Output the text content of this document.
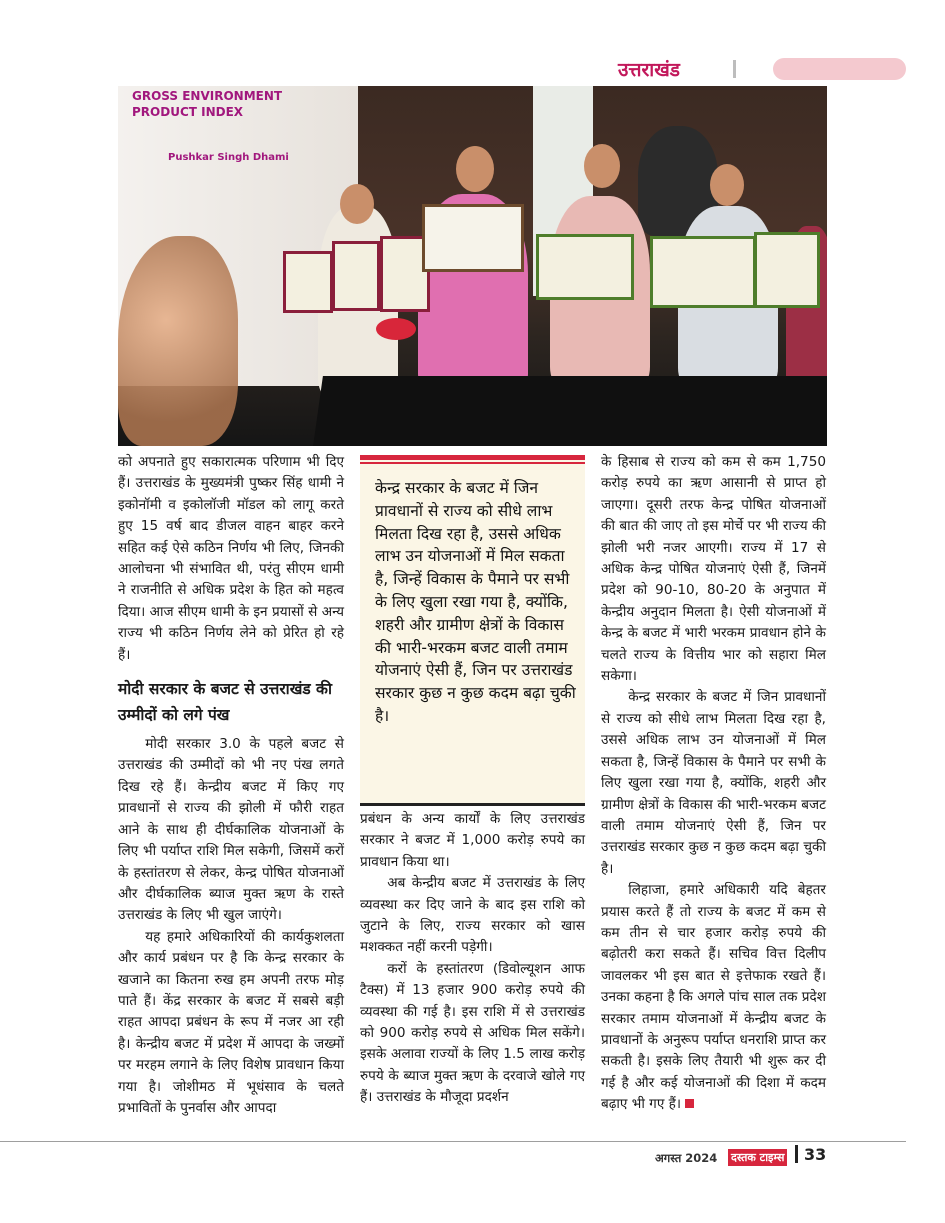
उत्तराखंड
GROSS ENVIRONMENT PRODUCT INDEX
Pushkar Singh Dhami

को अपनाते हुए सकारात्मक परिणाम भी दिए हैं। उत्तराखंड के मुख्यमंत्री पुष्कर सिंह धामी ने इकोनॉमी व इकोलॉजी मॉडल को लागू करते हुए 15 वर्ष बाद डीजल वाहन बाहर करने सहित कई ऐसे कठिन निर्णय भी लिए, जिनकी आलोचना भी संभावित थी, परंतु सीएम धामी ने राजनीति से अधिक प्रदेश के हित को महत्व दिया। आज सीएम धामी के इन प्रयासों से अन्य राज्य भी कठिन निर्णय लेने को प्रेरित हो रहे हैं।

मोदी सरकार के बजट से उत्तराखंड की उम्मीदों को लगे पंख

मोदी सरकार 3.0 के पहले बजट से उत्तराखंड की उम्मीदों को भी नए पंख लगते दिख रहे हैं। केन्द्रीय बजट में किए गए प्रावधानों से राज्य की झोली में फौरी राहत आने के साथ ही दीर्घकालिक योजनाओं के लिए भी पर्याप्त राशि मिल सकेगी, जिसमें करों के हस्तांतरण से लेकर, केन्द्र पोषित योजनाओं और दीर्घकालिक ब्याज मुक्त ऋण के रास्ते उत्तराखंड के लिए भी खुल जाएंगे।

यह हमारे अधिकारियों की कार्यकुशलता और कार्य प्रबंधन पर है कि केन्द्र सरकार के खजाने का कितना रुख हम अपनी तरफ मोड़ पाते हैं। केंद्र सरकार के बजट में सबसे बड़ी राहत आपदा प्रबंधन के रूप में नजर आ रही है। केन्द्रीय बजट में प्रदेश में आपदा के जख्मों पर मरहम लगाने के लिए विशेष प्रावधान किया गया है। जोशीमठ में भूधंसाव के चलते प्रभावितों के पुनर्वास और आपदा

केन्द्र सरकार के बजट में जिन प्रावधानों से राज्य को सीधे लाभ मिलता दिख रहा है, उससे अधिक लाभ उन योजनाओं में मिल सकता है, जिन्हें विकास के पैमाने पर सभी के लिए खुला रखा गया है, क्योंकि, शहरी और ग्रामीण क्षेत्रों के विकास की भारी-भरकम बजट वाली तमाम योजनाएं ऐसी हैं, जिन पर उत्तराखंड सरकार कुछ न कुछ कदम बढ़ा चुकी है।

प्रबंधन के अन्य कार्यों के लिए उत्तराखंड सरकार ने बजट में 1,000 करोड़ रुपये का प्रावधान किया था।

अब केन्द्रीय बजट में उत्तराखंड के लिए व्यवस्था कर दिए जाने के बाद इस राशि को जुटाने के लिए, राज्य सरकार को खास मशक्कत नहीं करनी पड़ेगी।

करों के हस्तांतरण (डिवोल्यूशन आफ टैक्स) में 13 हजार 900 करोड़ रुपये की व्यवस्था की गई है। इस राशि में से उत्तराखंड को 900 करोड़ रुपये से अधिक मिल सकेंगे। इसके अलावा राज्यों के लिए 1.5 लाख करोड़ रुपये के ब्याज मुक्त ऋण के दरवाजे खोले गए हैं। उत्तराखंड के मौजूदा प्रदर्शन

के हिसाब से राज्य को कम से कम 1,750 करोड़ रुपये का ऋण आसानी से प्राप्त हो जाएगा। दूसरी तरफ केन्द्र पोषित योजनाओं की बात की जाए तो इस मोर्चे पर भी राज्य की झोली भरी नजर आएगी। राज्य में 17 से अधिक केन्द्र पोषित योजनाएं ऐसी हैं, जिनमें प्रदेश को 90-10, 80-20 के अनुपात में केन्द्रीय अनुदान मिलता है। ऐसी योजनाओं में केन्द्र के बजट में भारी भरकम प्रावधान होने के चलते राज्य के वित्तीय भार को सहारा मिल सकेगा।

केन्द्र सरकार के बजट में जिन प्रावधानों से राज्य को सीधे लाभ मिलता दिख रहा है, उससे अधिक लाभ उन योजनाओं में मिल सकता है, जिन्हें विकास के पैमाने पर सभी के लिए खुला रखा गया है, क्योंकि, शहरी और ग्रामीण क्षेत्रों के विकास की भारी-भरकम बजट वाली तमाम योजनाएं ऐसी हैं, जिन पर उत्तराखंड सरकार कुछ न कुछ कदम बढ़ा चुकी है।

लिहाजा, हमारे अधिकारी यदि बेहतर प्रयास करते हैं तो राज्य के बजट में कम से कम तीन से चार हजार करोड़ रुपये की बढ़ोतरी करा सकते हैं। सचिव वित्त दिलीप जावलकर भी इस बात से इत्तेफाक रखते हैं। उनका कहना है कि अगले पांच साल तक प्रदेश सरकार तमाम योजनाओं में केन्द्रीय बजट के प्रावधानों के अनुरूप पर्याप्त धनराशि प्राप्त कर सकती है। इसके लिए तैयारी भी शुरू कर दी गई है और कई योजनाओं की दिशा में कदम बढ़ाए भी गए हैं।

अगस्त 2024 दस्तक टाइम्स 33
